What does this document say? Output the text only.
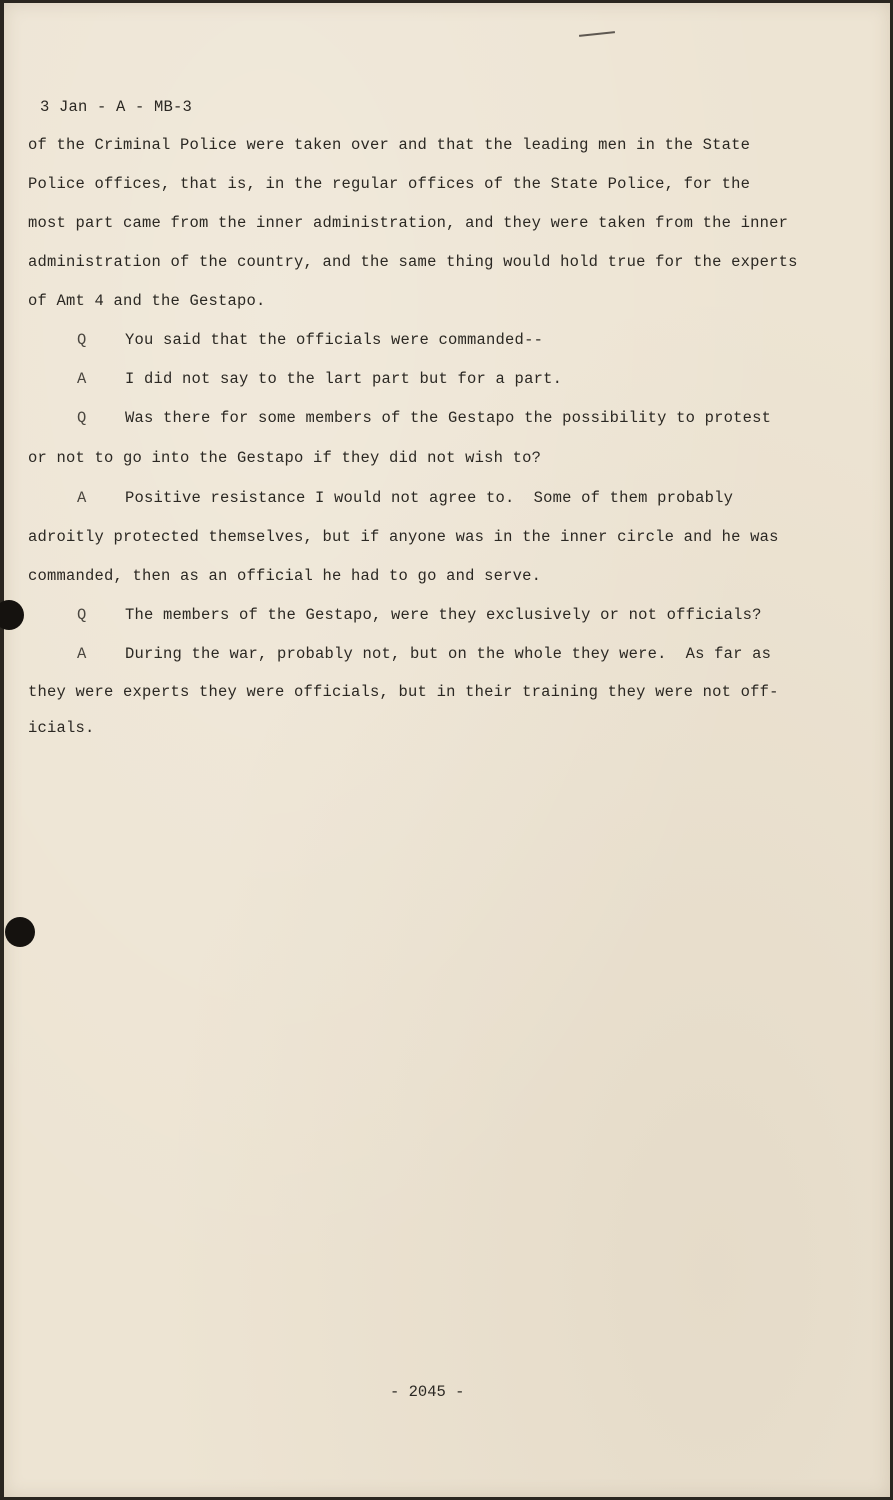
3 Jan - A - MB-3
of the Criminal Police were taken over and that the leading men in the State
Police offices, that is, in the regular offices of the State Police, for the
most part came from the inner administration, and they were taken from the inner
administration of the country, and the same thing would hold true for the experts
of Amt 4 and the Gestapo.
Q You said that the officials were commanded--
A I did not say to the lart part but for a part.
Q Was there for some members of the Gestapo the possibility to protest
or not to go into the Gestapo if they did not wish to?
A Positive resistance I would not agree to.  Some of them probably
adroitly protected themselves, but if anyone was in the inner circle and he was
commanded, then as an official he had to go and serve.
Q The members of the Gestapo, were they exclusively or not officials?
A During the war, probably not, but on the whole they were.  As far as
they were experts they were officials, but in their training they were not off-
icials.
- 2045 -
